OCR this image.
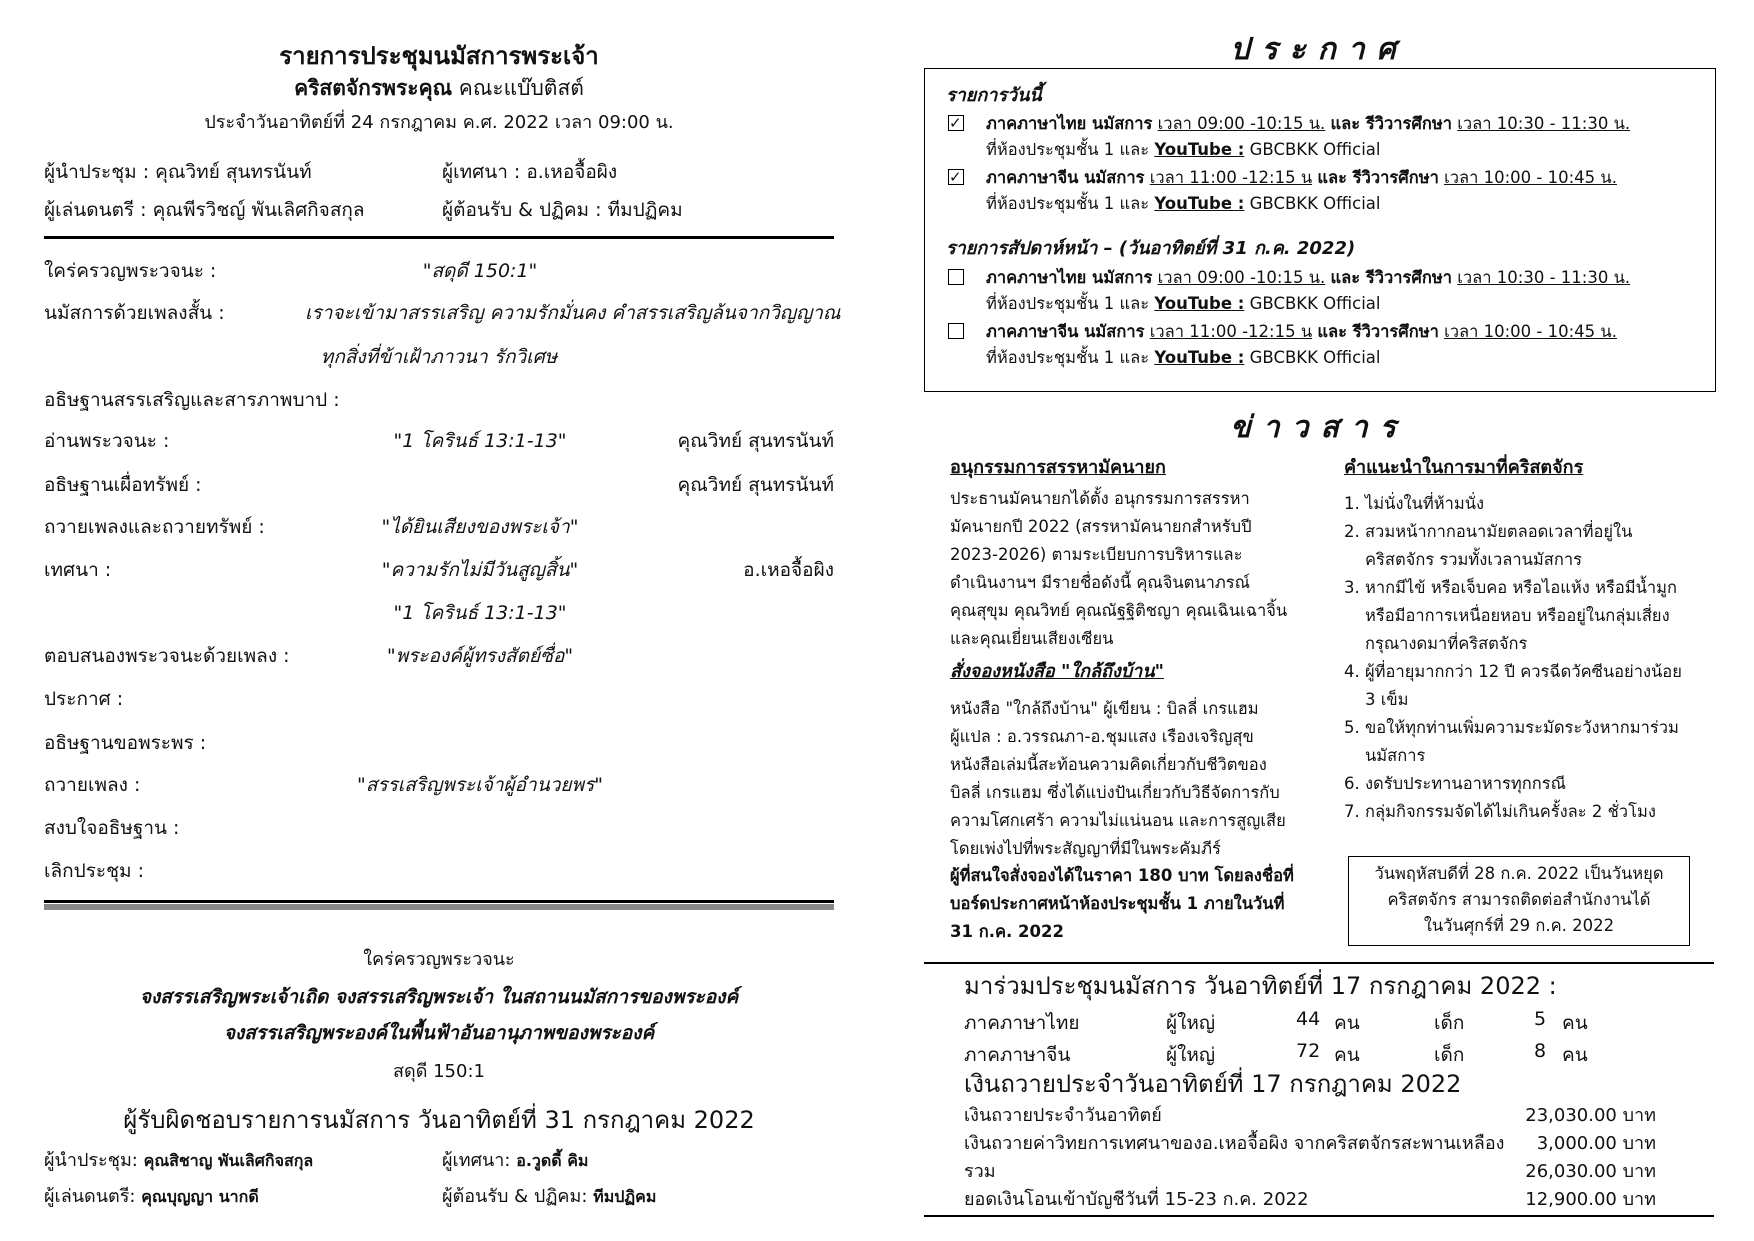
รายการประชุมนมัสการพระเจ้า
คริสตจักรพระคุณ คณะแบ๊บติสต์
ประจำวันอาทิตย์ที่ 24 กรกฎาคม ค.ศ. 2022 เวลา 09:00 น.
ผู้นำประชุม : คุณวิทย์ สุนทรนันท์	ผู้เทศนา : อ.เหอจื้อผิง
ผู้เล่นดนตรี : คุณพีรวิชญ์ พันเลิศกิจสกุล	ผู้ต้อนรับ & ปฏิคม : ทีมปฏิคม
ใคร่ครวญพระวจนะ :	"สดุดี 150:1"
นมัสการด้วยเพลงสั้น :	เราจะเข้ามาสรรเสริญ ความรักมั่นคง คำสรรเสริญล้นจากวิญญาณ
ทุกสิ่งที่ข้าเฝ้าภาวนา รักวิเศษ
อธิษฐานสรรเสริญและสารภาพบาป :
อ่านพระวจนะ :	"1 โครินธ์ 13:1-13"	คุณวิทย์ สุนทรนันท์
อธิษฐานเผื่อทรัพย์ :	คุณวิทย์ สุนทรนันท์
ถวายเพลงและถวายทรัพย์ :	"ได้ยินเสียงของพระเจ้า"
เทศนา :	"ความรักไม่มีวันสูญสิ้น"	อ.เหอจื้อผิง
"1 โครินธ์ 13:1-13"
ตอบสนองพระวจนะด้วยเพลง :	"พระองค์ผู้ทรงสัตย์ซื่อ"
ประกาศ :
อธิษฐานขอพระพร :
ถวายเพลง :	"สรรเสริญพระเจ้าผู้อำนวยพร"
สงบใจอธิษฐาน :
เลิกประชุม :
ใคร่ครวญพระวจนะ
จงสรรเสริญพระเจ้าเถิด จงสรรเสริญพระเจ้า ในสถานนมัสการของพระองค์
จงสรรเสริญพระองค์ในพื้นฟ้าอันอานุภาพของพระองค์
สดุดี 150:1
ผู้รับผิดชอบรายการนมัสการ วันอาทิตย์ที่ 31 กรกฎาคม 2022
ผู้นำประชุม: คุณสิชาญ พันเลิศกิจสกุล	ผู้เทศนา: อ.วูดดี้ คิม
ผู้เล่นดนตรี: คุณบุญญา นากดี	ผู้ต้อนรับ & ปฏิคม: ทีมปฏิคม
ประกาศ
รายการวันนี้
✓ภาคภาษาไทย นมัสการ เวลา 09:00 -10:15 น. และ รีวิวารศึกษา เวลา 10:30 - 11:30 น.
ที่ห้องประชุมชั้น 1 และ YouTube : GBCBKK Official
✓ภาคภาษาจีน นมัสการ เวลา 11:00 -12:15 น และ รีวิวารศึกษา เวลา 10:00 - 10:45 น.
ที่ห้องประชุมชั้น 1 และ YouTube : GBCBKK Official
รายการสัปดาห์หน้า – (วันอาทิตย์ที่ 31 ก.ค. 2022)
ภาคภาษาไทย นมัสการ เวลา 09:00 -10:15 น. และ รีวิวารศึกษา เวลา 10:30 - 11:30 น.
ที่ห้องประชุมชั้น 1 และ YouTube : GBCBKK Official
ภาคภาษาจีน นมัสการ เวลา 11:00 -12:15 น และ รีวิวารศึกษา เวลา 10:00 - 10:45 น.
ที่ห้องประชุมชั้น 1 และ YouTube : GBCBKK Official
ข่าวสาร
อนุกรรมการสรรหามัคนายก
ประธานมัคนายกได้ตั้ง อนุกรรมการสรรหา
มัคนายกปี 2022 (สรรหามัคนายกสำหรับปี
2023-2026) ตามระเบียบการบริหารและ
ดำเนินงานฯ มีรายชื่อดังนี้ คุณจินตนาภรณ์
คุณสุขุม คุณวิทย์ คุณณัฐฐิติชญา คุณเฉินเฉาจิ้น
และคุณเยี่ยนเสียงเซียน
สั่งจองหนังสือ "ใกล้ถึงบ้าน"
หนังสือ "ใกล้ถึงบ้าน" ผู้เขียน : บิลลี่ เกรแฮม
ผู้แปล : อ.วรรณภา-อ.ชุมแสง เรืองเจริญสุข
หนังสือเล่มนี้สะท้อนความคิดเกี่ยวกับชีวิตของ
บิลลี่ เกรแฮม ซึ่งได้แบ่งปันเกี่ยวกับวิธีจัดการกับ
ความโศกเศร้า ความไม่แน่นอน และการสูญเสีย
โดยเพ่งไปที่พระสัญญาที่มีในพระคัมภีร์
ผู้ที่สนใจสั่งจองได้ในราคา 180 บาท โดยลงชื่อที่
บอร์ดประกาศหน้าห้องประชุมชั้น 1 ภายในวันที่
31 ก.ค. 2022
คำแนะนำในการมาที่คริสตจักร
1. ไม่นั่งในที่ห้ามนั่ง
2. สวมหน้ากากอนามัยตลอดเวลาที่อยู่ใน
คริสตจักร รวมทั้งเวลานมัสการ
3. หากมีไข้ หรือเจ็บคอ หรือไอแห้ง หรือมีน้ำมูก
หรือมีอาการเหนื่อยหอบ หรืออยู่ในกลุ่มเสี่ยง
กรุณางดมาที่คริสตจักร
4. ผู้ที่อายุมากกว่า 12 ปี ควรฉีดวัคซีนอย่างน้อย
3 เข็ม
5. ขอให้ทุกท่านเพิ่มความระมัดระวังหากมาร่วม
นมัสการ
6. งดรับประทานอาหารทุกกรณี
7. กลุ่มกิจกรรมจัดได้ไม่เกินครั้งละ 2 ชั่วโมง
วันพฤหัสบดีที่ 28 ก.ค. 2022 เป็นวันหยุด
คริสตจักร สามารถติดต่อสำนักงานได้
ในวันศุกร์ที่ 29 ก.ค. 2022
มาร่วมประชุมนมัสการ วันอาทิตย์ที่ 17 กรกฎาคม 2022 :
ภาคภาษาไทย	ผู้ใหญ่	44 คน	เด็ก	5 คน
ภาคภาษาจีน	ผู้ใหญ่	72 คน	เด็ก	8 คน
เงินถวายประจำวันอาทิตย์ที่ 17 กรกฎาคม 2022
เงินถวายประจำวันอาทิตย์	23,030.00 บาท
เงินถวายค่าวิทยการเทศนาของอ.เหอจื้อผิง จากคริสตจักรสะพานเหลือง	3,000.00 บาท
รวม	26,030.00 บาท
ยอดเงินโอนเข้าบัญชีวันที่ 15-23 ก.ค. 2022	12,900.00 บาท
